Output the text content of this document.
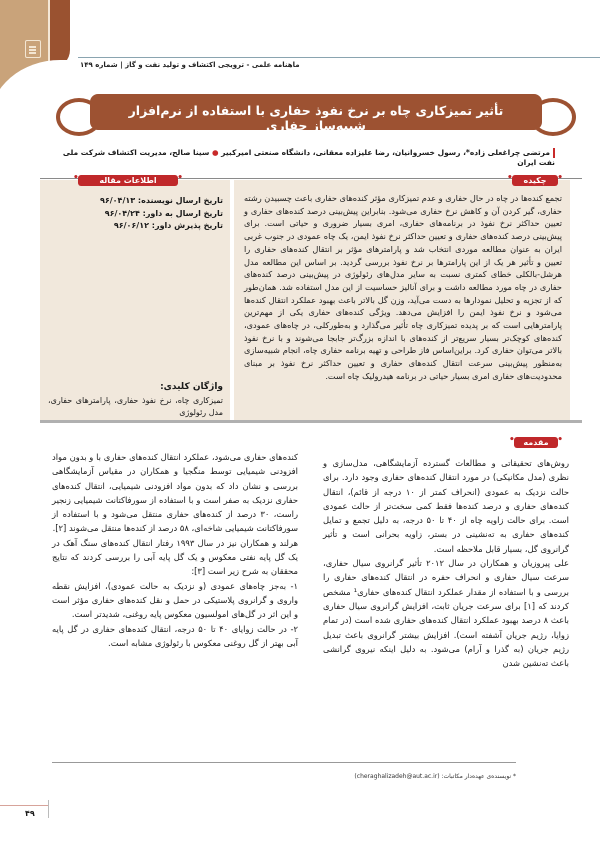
ماهنامه علمی - ترویجی اکتشاف و تولید نفت و گاز | شماره ۱۴۹
تأثیر تمیزکاری چاه بر نرخ نفوذ حفاری با استفاده از نرم‌افزار شبیه‌ساز حفاری
مرتضی چراغعلی زاده*، رسول خسروانیان، رضا علیزاده معقانی، دانشگاه صنعتی امیرکبیر ● سینا صالح، مدیریت اکتشاف شرکت ملی نفت ایران
• چکیده •
تجمع کنده‌ها در چاه در حال حفاری و عدم تمیزکاری مؤثر کنده‌های حفاری باعث چسبیدن رشته حفاری، گیر کردن آن و کاهش نرخ حفاری می‌شود. بنابراین پیش‌بینی درصد کنده‌های حفاری و تعیین حداکثر نرخ نفوذ در برنامه‌های حفاری، امری بسیار ضروری و حیاتی است. برای پیش‌بینی درصد کنده‌های حفاری و تعیین حداکثر نرخ نفوذ ایمن، یک چاه عمودی در جنوب غربی ایران به عنوان مطالعه موردی انتخاب شد و پارامترهای مؤثر بر انتقال کنده‌های حفاری را تعیین و تأثیر هر یک از این پارامترها بر نرخ نفوذ بررسی گردید. بر اساس این مطالعه مدل هرشل-بالکلی خطای کمتری نسبت به سایر مدل‌های رئولوژی در پیش‌بینی درصد کنده‌های حفاری در چاه مورد مطالعه داشت و برای آنالیز حساسیت از این مدل استفاده شد. همان‌طور که از تجزیه و تحلیل نمودارها به دست می‌آید، وزن گل بالاتر باعث بهبود عملکرد انتقال کنده‌ها می‌شود و نرخ نفوذ ایمن را افزایش می‌دهد. ویژگی کنده‌های حفاری یکی از مهم‌ترین پارامترهایی است که بر پدیده تمیزکاری چاه تأثیر می‌گذارد و به‌طورکلی، در چاه‌های عمودی، کنده‌های کوچک‌تر بسیار سریع‌تر از کنده‌های با اندازه بزرگ‌تر جابجا می‌شوند و با نرخ نفوذ بالاتر می‌توان حفاری کرد. براین‌اساس فاز طراحی و تهیه برنامه حفاری چاه، انجام شبیه‌سازی به‌منظور پیش‌بینی سرعت انتقال کنده‌های حفاری و تعیین حداکثر نرخ نفوذ بر مبنای محدودیت‌های حفاری امری بسیار حیاتی در برنامه هیدرولیک چاه است.
• اطلاعات مقاله •
تاریخ ارسال نویسنده: ۹۶/۰۴/۱۳
تاریخ ارسال به داور: ۹۶/۰۴/۲۴
تاریخ پذیرش داور: ۹۶/۰۶/۱۲
واژگان کلیدی:
تمیزکاری چاه، نرخ نفوذ حفاری، پارامترهای حفاری، مدل رئولوژی
• مقدمه •

روش‌های تحقیقاتی و مطالعات گسترده آزمایشگاهی، مدل‌سازی و نظری (مدل مکانیکی) در مورد انتقال کنده‌های حفاری وجود دارد. برای حالت نزدیک به عمودی (انحراف کمتر از ۱۰ درجه از قائم)، انتقال کنده‌های حفاری و درصد کنده‌ها فقط کمی سخت‌تر از حالت عمودی است. برای حالت زاویه چاه از ۴۰ تا ۵۰ درجه، به دلیل تجمع و تمایل کنده‌های حفاری به ته‌نشینی در بستر، زاویه بحرانی است و تأثیر گرانروی گل، بسیار قابل ملاحظه است.

علی پیروزیان و همکاران در سال ۲۰۱۲ تأثیر گرانروی سیال حفاری، سرعت سیال حفاری و انحراف حفره در انتقال کنده‌های حفاری را بررسی و با استفاده از مقدار عملکرد انتقال کنده‌های حفاری¹ مشخص کردند که [۱] برای سرعت جریان ثابت، افزایش گرانروی سیال حفاری باعث ۸ درصد بهبود عملکرد انتقال کنده‌های حفاری شده است (در تمام زوایا، رژیم جریان آشفته است). افزایش بیشتر گرانروی باعث تبدیل رژیم جریان (به گذرا و آرام) می‌شود. به دلیل اینکه نیروی گرانشی باعث ته‌نشین شدن

کنده‌های حفاری می‌شود، عملکرد انتقال کنده‌های حفاری با و بدون مواد افزودنی شیمیایی توسط منگجیا و همکاران در مقیاس آزمایشگاهی بررسی و نشان داد که بدون مواد افزودنی شیمیایی، انتقال کنده‌های حفاری نزدیک به صفر است و با استفاده از سورفاکتانت شیمیایی زنجیر راست، ۳۰ درصد از کنده‌های حفاری منتقل می‌شود و با استفاده از سورفاکتانت شیمیایی شاخه‌ای، ۵۸ درصد از کنده‌ها منتقل می‌شوند [۲].

هرلند و همکاران نیز در سال ۱۹۹۳ رفتار انتقال کنده‌های سنگ آهک در یک گل پایه نفتی معکوس و یک گل پایه آبی را بررسی کردند که نتایج محققان به شرح زیر است [۳]:

۱- به‌جز چاه‌های عمودی (و نزدیک به حالت عمودی)، افزایش نقطه واروی و گرانروی پلاستیکی در حمل و نقل کنده‌های حفاری مؤثر است و این اثر در گل‌های امولسیون معکوس پایه روغنی، شدیدتر است.

۲- در حالت زوایای ۴۰ تا ۵۰ درجه، انتقال کنده‌های حفاری در گل پایه آبی بهتر از گل روغنی معکوس با رئولوژی مشابه است.

* نویسنده‌ی عهده‌دار مکاتبات: (cheraghalizadeh@aut.ac.ir)
۴۹
